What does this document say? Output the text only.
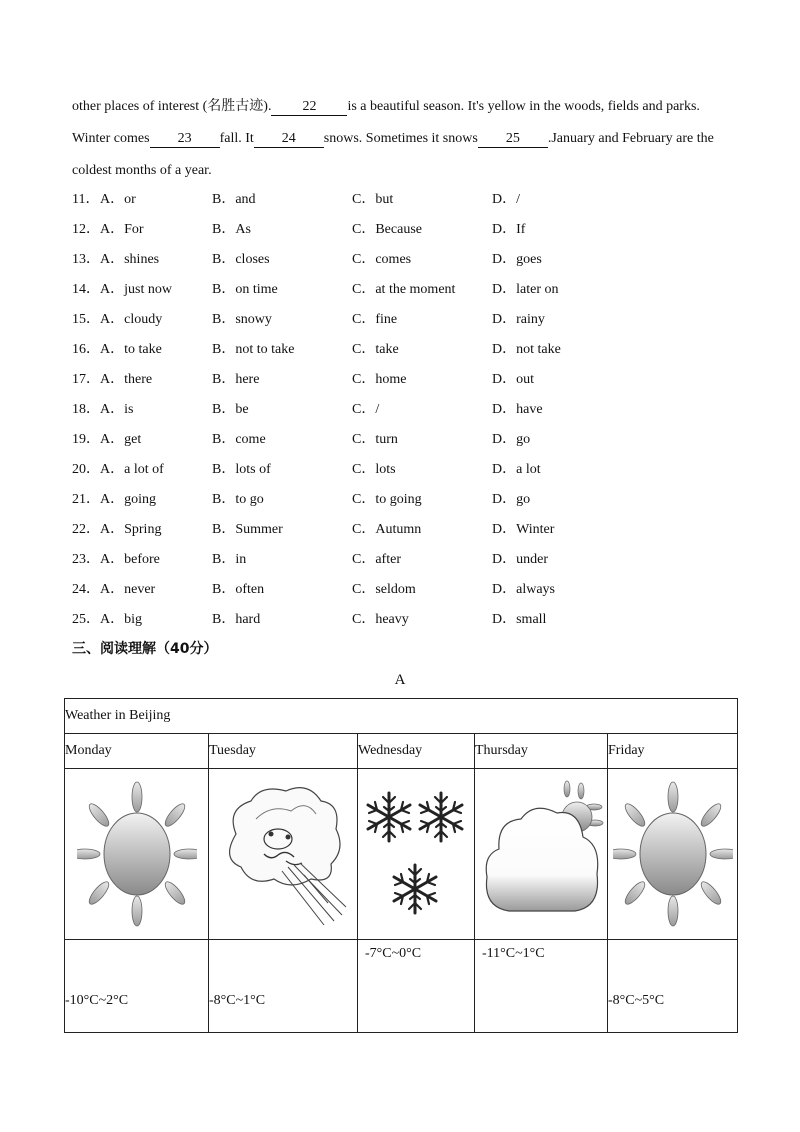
other places of interest (名胜古迹). 22 is a beautiful season. It's yellow in the woods, fields and parks.
Winter comes 23 fall. It 24 snows. Sometimes it snows 25 .January and February are the
coldest months of a year.
11． A．or	B．and	C．but	D．/
12． A．For	B．As	C．Because	D．If
13． A．shines	B．closes	C．comes	D．goes
14． A．just now	B．on time	C．at the moment	D．later on
15． A．cloudy	B．snowy	C．fine	D．rainy
16． A．to take	B．not to take	C．take	D．not take
17． A．there	B．here	C．home	D．out
18． A．is	B．be	C．/	D．have
19． A．get	B．come	C．turn	D．go
20． A．a lot of	B．lots of	C．lots	D．a lot
21． A．going	B．to go	C．to going	D．go
22． A．Spring	B．Summer	C．Autumn	D．Winter
23． A．before	B．in	C．after	D．under
24． A．never	B．often	C．seldom	D．always
25． A．big	B．hard	C．heavy	D．small
三、阅读理解（40分）
A
Weather in Beijing				
Monday	Tuesday	Wednesday	Thursday	Friday

-10°C~2°C	-8°C~1°C	-7°C~0°C	-11°C~1°C	-8°C~5°C
